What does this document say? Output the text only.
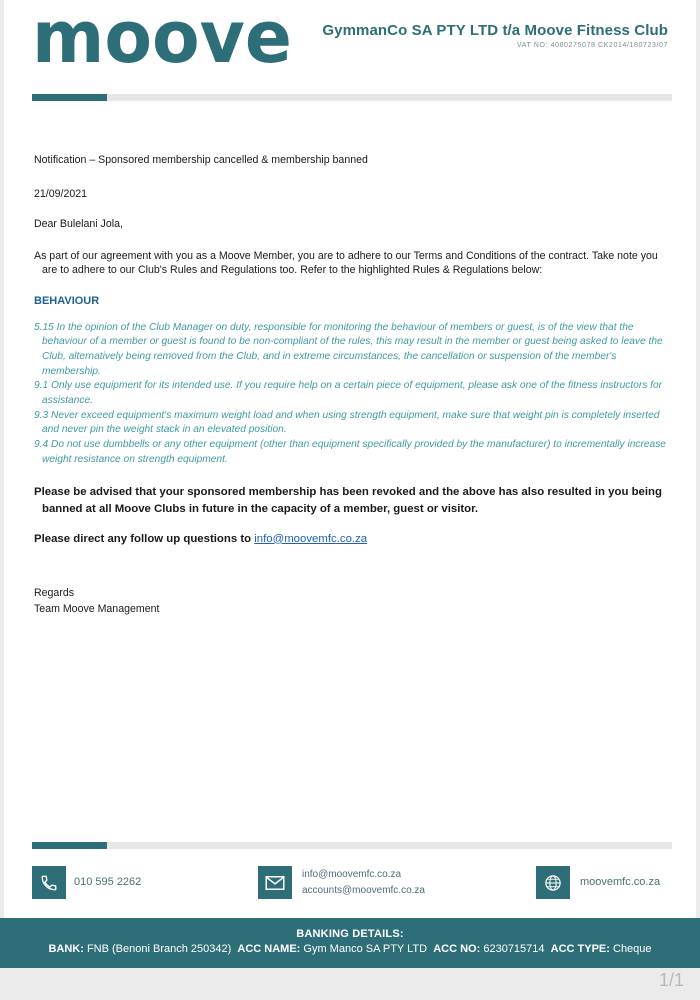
moove GymmanCo SA PTY LTD t/a Moove Fitness Club
VAT NO: 4080275078 CK2014/180723/07

Notification – Sponsored membership cancelled & membership banned

21/09/2021

Dear Bulelani Jola,

As part of our agreement with you as a Moove Member, you are to adhere to our Terms and Conditions of the contract. Take note you are to adhere to our Club's Rules and Regulations too. Refer to the highlighted Rules & Regulations below:

BEHAVIOUR

5.15 In the opinion of the Club Manager on duty, responsible for monitoring the behaviour of members or guest, is of the view that the behaviour of a member or guest is found to be non-compliant of the rules, this may result in the member or guest being asked to leave the Club, alternatively being removed from the Club, and in extreme circumstances, the cancellation or suspension of the member's membership.

9.1 Only use equipment for its intended use. If you require help on a certain piece of equipment, please ask one of the fitness instructors for assistance.

9.3 Never exceed equipment's maximum weight load and when using strength equipment, make sure that weight pin is completely inserted and never pin the weight stack in an elevated position.

9.4 Do not use dumbbells or any other equipment (other than equipment specifically provided by the manufacturer) to incrementally increase weight resistance on strength equipment.

Please be advised that your sponsored membership has been revoked and the above has also resulted in you being banned at all Moove Clubs in future in the capacity of a member, guest or visitor.

Please direct any follow up questions to info@moovemfc.co.za

Regards

Team Moove Management

010 595 2262
info@moovemfc.co.za
accounts@moovemfc.co.za
moovemfc.co.za
BANKING DETAILS:
BANK: FNB (Benoni Branch 250342) ACC NAME: Gym Manco SA PTY LTD ACC NO: 6230715714 ACC TYPE: Cheque
1/1
